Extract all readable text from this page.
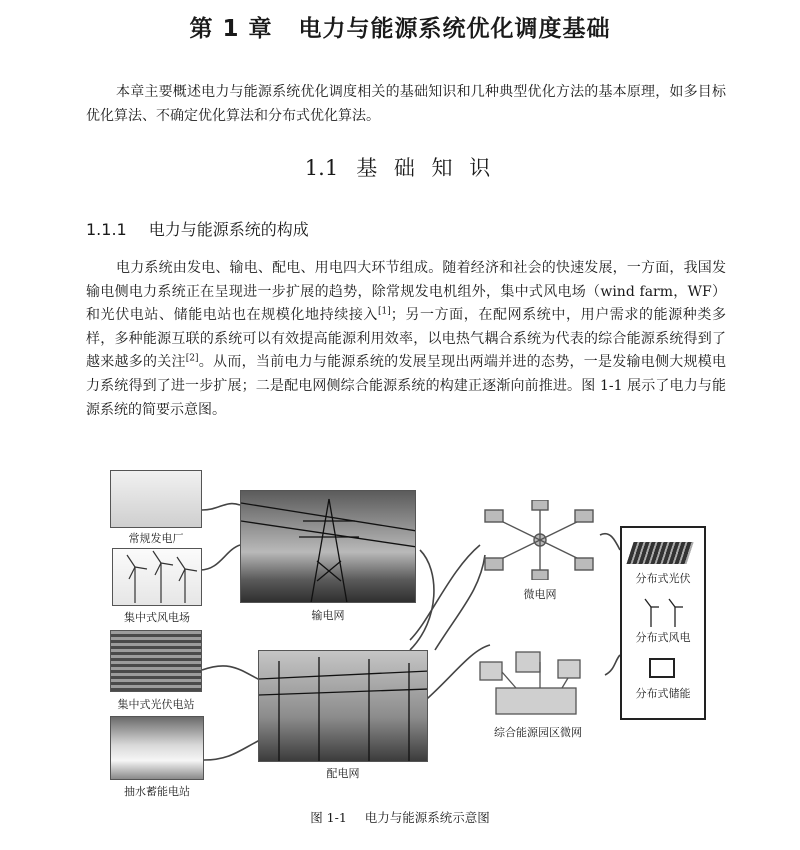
第 1 章 电力与能源系统优化调度基础
本章主要概述电力与能源系统优化调度相关的基础知识和几种典型优化方法的基本原理，如多目标优化算法、不确定优化算法和分布式优化算法。
1.1 基 础 知 识
1.1.1 电力与能源系统的构成
电力系统由发电、输电、配电、用电四大环节组成。随着经济和社会的快速发展，一方面，我国发输电侧电力系统正在呈现进一步扩展的趋势，除常规发电机组外，集中式风电场（wind farm，WF）和光伏电站、储能电站也在规模化地持续接入[1]；另一方面，在配网系统中，用户需求的能源种类多样，多种能源互联的系统可以有效提高能源利用效率，以电热气耦合系统为代表的综合能源系统得到了越来越多的关注[2]。从而，当前电力与能源系统的发展呈现出两端并进的态势，一是发输电侧大规模电力系统得到了进一步扩展；二是配电网侧综合能源系统的构建正逐渐向前推进。图 1-1 展示了电力与能源系统的简要示意图。
常规发电厂
集中式风电场
集中式光伏电站
抽水蓄能电站
输电网
配电网
微电网
综合能源园区微网
分布式光伏
分布式风电
分布式储能
图 1-1 电力与能源系统示意图
